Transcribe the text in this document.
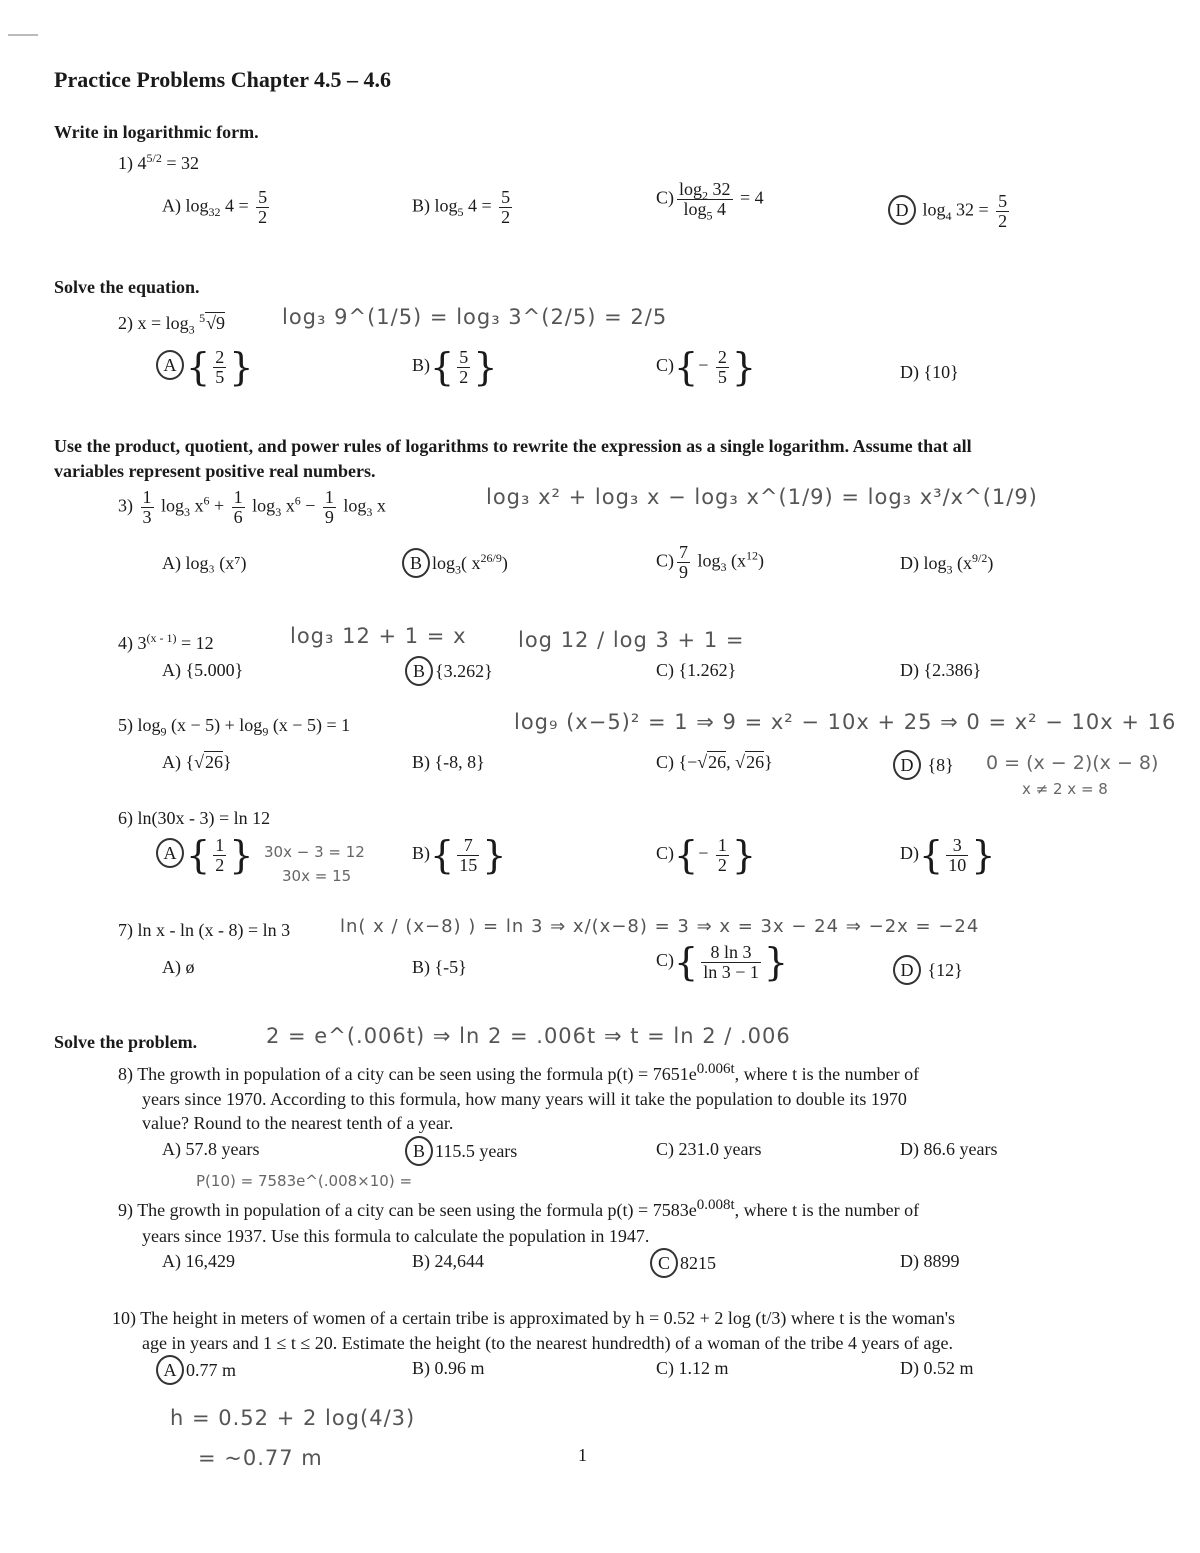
Practice Problems Chapter 4.5 – 4.6
Write in logarithmic form.
1) $4^{5/2} = 32$
A) $\log_{32} 4 = \frac{5}{2}$	B) $\log_5 4 = \frac{5}{2}$	$C) \frac{\log_2 32}{\log_5 4} = 4$
D $\log_4 32 = \frac{5}{2}$
Solve the equation.
2) $x = \log_3 ^5√9$	log₃ 9^(1/5) = log₃ 3^(2/5) = 2/5
A { $\frac{2}{5}$ }	$B)\{ \frac{5}{2}$ }	$C)\{- \frac{2}{5}$ }	D) {10}
Use the product, quotient, and power rules of logarithms to rewrite the expression as a single logarithm. Assume that all
variables represent positive real numbers.
$3) \frac{1}{3} \log_3 x^6 + \frac{1}{6} \log_3 x^6 - \frac{1}{9} \log_3 x$	log₃ x² + log₃ x − log₃ x^(1/9) = log₃ x³/x^(1/9)
A) log₃ (x⁷)	B $\log_3$( $x^{26/9}$)	$C) \frac{7}{9} \log_3 (x^{12})$	D) $\log_3 (x^{9/2})$
4) $3^{(x - 1)} = 12$	log₃ 12 + 1 = x log 12 / log 3 + 1 =
A) {5.000}	B {3.262}	C) {1.262}	D) {2.386}
5) $\log_9 (x - 5) + \log_9 (x - 5) = 1$	log₉ (x−5)² = 1 ⇒ 9 = x² − 10x + 25 ⇒ 0 = x² − 10x + 16
A) {√26}	B) {-8, 8}	C) {−√26, √26}	D {8} 0 = (x − 2)(x − 8)
x ≠ 2 x = 8
6) ln(30x - 3) = ln 12
A { $\frac{1}{2}$ } 30x − 3 = 12
30x = 15
$B)\{ \frac{7}{15}$ }	$C)\{- \frac{1}{2}$ }	$D)\{ \frac{3}{10}$ }
7) ln x - ln (x - 8) = ln 3	ln( x / (x−8) ) = ln 3 ⇒ x/(x−8) = 3 ⇒ x = 3x − 24 ⇒ −2x = −24
A) ø	B) {-5}	$C)\{ \frac{8 \ln 3}{\ln 3 - 1}$ }	D {12}
Solve the problem.	2 = e^(.006t) ⇒ ln 2 = .006t ⇒ t = ln 2 / .006
8) The growth in population of a city can be seen using the formula $p(t) = 7651e^{0.006t}$, where t is the number of
years since 1970. According to this formula, how many years will it take the population to double its 1970
value? Round to the nearest tenth of a year.
A) 57.8 years	B 115.5 years	C) 231.0 years	D) 86.6 years
P(10) = 7583e^(.008×10) =
9) The growth in population of a city can be seen using the formula $p(t) = 7583e^{0.008t}$, where t is the number of
years since 1937. Use this formula to calculate the population in 1947.
A) 16,429	B) 24,644	C 8215	D) 8899
10) The height in meters of women of a certain tribe is approximated by h = 0.52 + 2 log (t/3) where t is the woman's
age in years and 1 ≤ t ≤ 20. Estimate the height (to the nearest hundredth) of a woman of the tribe 4 years of age.
A 0.77 m	B) 0.96 m	C) 1.12 m	D) 0.52 m
h = 0.52 + 2 log(4/3)
= ~0.77 m	1
